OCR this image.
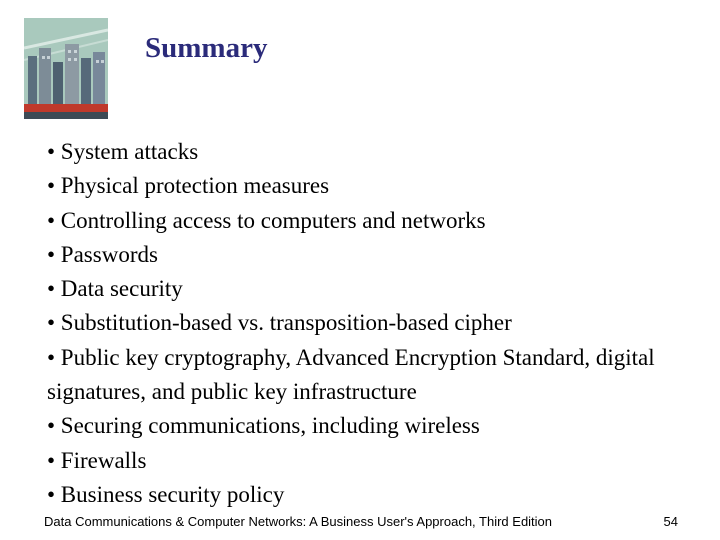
Summary
• System attacks
• Physical protection measures
• Controlling access to computers and networks
• Passwords
• Data security
• Substitution-based vs. transposition-based cipher
• Public key cryptography, Advanced Encryption Standard, digital signatures, and public key infrastructure
• Securing communications, including wireless
• Firewalls
• Business security policy
Data Communications & Computer Networks: A Business User's Approach, Third Edition	54
